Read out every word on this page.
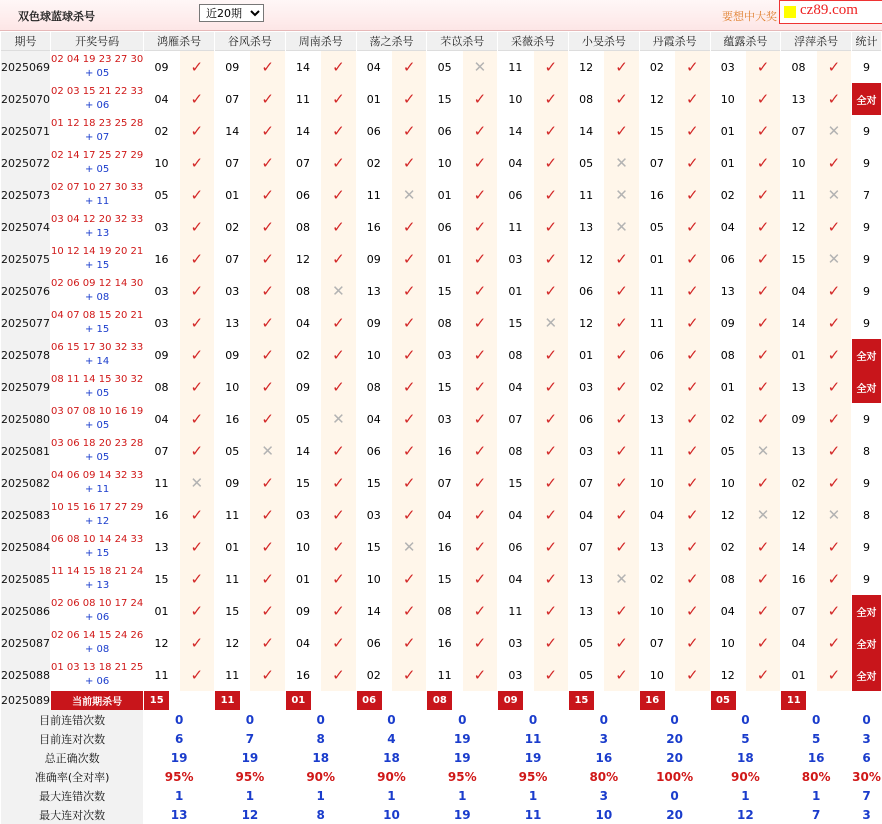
双色球蓝球杀号
近20期	要想中大奖 cz89.com
期号	开奖号码	鸿雁杀号		谷风杀号		周南杀号		荡之杀号		芣苡杀号		采薇杀号		小旻杀号		丹霞杀号		蕴露杀号		浮萍杀号		统计
2025069	02 04 19 23 27 30
+ 05	09	✓	09	✓	14	✓	04	✓	05	✕	11	✓	12	✓	02	✓	03	✓	08	✓	9
2025070	02 03 15 21 22 33
+ 06	04	✓	07	✓	11	✓	01	✓	15	✓	10	✓	08	✓	12	✓	10	✓	13	✓	全对
2025071	01 12 18 23 25 28
+ 07	02	✓	14	✓	14	✓	06	✓	06	✓	14	✓	14	✓	15	✓	01	✓	07	✕	9
2025072	02 14 17 25 27 29
+ 05	10	✓	07	✓	07	✓	02	✓	10	✓	04	✓	05	✕	07	✓	01	✓	10	✓	9
2025073	02 07 10 27 30 33
+ 11	05	✓	01	✓	06	✓	11	✕	01	✓	06	✓	11	✕	16	✓	02	✓	11	✕	7
2025074	03 04 12 20 32 33
+ 13	03	✓	02	✓	08	✓	16	✓	06	✓	11	✓	13	✕	05	✓	04	✓	12	✓	9
2025075	10 12 14 19 20 21
+ 15	16	✓	07	✓	12	✓	09	✓	01	✓	03	✓	12	✓	01	✓	06	✓	15	✕	9
2025076	02 06 09 12 14 30
+ 08	03	✓	03	✓	08	✕	13	✓	15	✓	01	✓	06	✓	11	✓	13	✓	04	✓	9
2025077	04 07 08 15 20 21
+ 15	03	✓	13	✓	04	✓	09	✓	08	✓	15	✕	12	✓	11	✓	09	✓	14	✓	9
2025078	06 15 17 30 32 33
+ 14	09	✓	09	✓	02	✓	10	✓	03	✓	08	✓	01	✓	06	✓	08	✓	01	✓	全对
2025079	08 11 14 15 30 32
+ 05	08	✓	10	✓	09	✓	08	✓	15	✓	04	✓	03	✓	02	✓	01	✓	13	✓	全对
2025080	03 07 08 10 16 19
+ 05	04	✓	16	✓	05	✕	04	✓	03	✓	07	✓	06	✓	13	✓	02	✓	09	✓	9
2025081	03 06 18 20 23 28
+ 05	07	✓	05	✕	14	✓	06	✓	16	✓	08	✓	03	✓	11	✓	05	✕	13	✓	8
2025082	04 06 09 14 32 33
+ 11	11	✕	09	✓	15	✓	15	✓	07	✓	15	✓	07	✓	10	✓	10	✓	02	✓	9
2025083	10 15 16 17 27 29
+ 12	16	✓	11	✓	03	✓	03	✓	04	✓	04	✓	04	✓	04	✓	12	✕	12	✕	8
2025084	06 08 10 14 24 33
+ 15	13	✓	01	✓	10	✓	15	✕	16	✓	06	✓	07	✓	13	✓	02	✓	14	✓	9
2025085	11 14 15 18 21 24
+ 13	15	✓	11	✓	01	✓	10	✓	15	✓	04	✓	13	✕	02	✓	08	✓	16	✓	9
2025086	02 06 08 10 17 24
+ 06	01	✓	15	✓	09	✓	14	✓	08	✓	11	✓	13	✓	10	✓	04	✓	07	✓	全对
2025087	02 06 14 15 24 26
+ 08	12	✓	12	✓	04	✓	06	✓	16	✓	03	✓	05	✓	07	✓	10	✓	04	✓	全对
2025088	01 03 13 18 21 25
+ 06	11	✓	11	✓	16	✓	02	✓	11	✓	03	✓	05	✓	10	✓	12	✓	01	✓	全对
2025089	当前期杀号	15		11		01		06		08		09		15		16		05		11		

目前连错次数		0		0		0		0		0		0		0		0		0		0		0
目前连对次数		6		7		8		4		19		11		3		20		5		5		3
总正确次数		19		19		18		18		19		19		16		20		18		16		6
准确率(全对率)		95%		95%		90%		90%		95%		95%		80%		100%		90%		80%		30%
最大连错次数		1		1		1		1		1		1		3		0		1		1		7
最大连对次数		13		12		8		10		19		11		10		20		12		7		3
